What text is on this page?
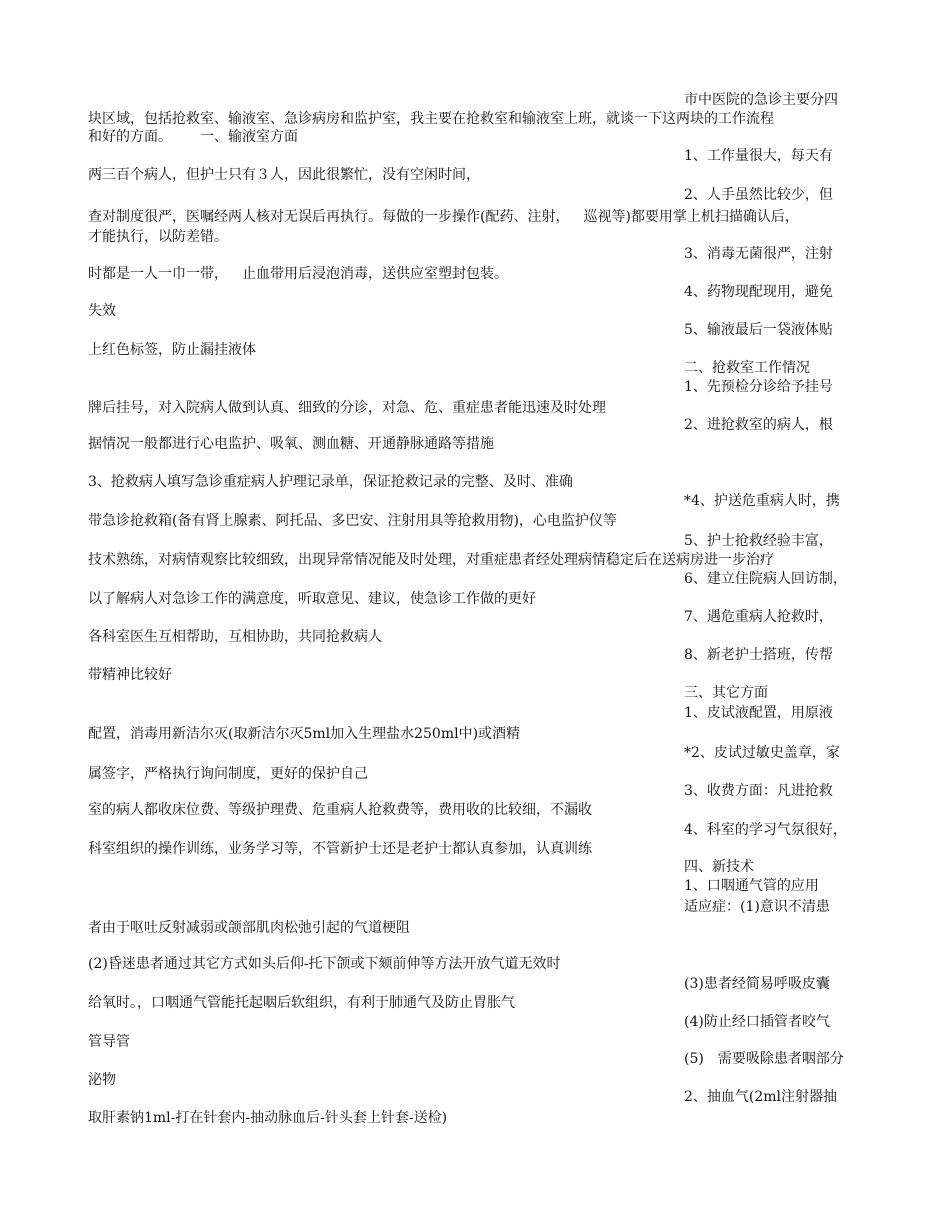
块区域，包括抢救室、输液室、急诊病房和监护室，我主要在抢救室和输液室上班，就谈一下这两块的工作流程
和好的方面。 一、输液室方面
两三百个病人，但护士只有３人，因此很繁忙，没有空闲时间，
查对制度很严，医嘱经两人核对无误后再执行。每做的一步操作(配药、注射， 巡视等)都要用掌上机扫描确认后，
才能执行，以防差错。
时都是一人一巾一带， 止血带用后浸泡消毒，送供应室塑封包装。
失效
上红色标签，防止漏挂液体
牌后挂号，对入院病人做到认真、细致的分诊，对急、危、重症患者能迅速及时处理
据情况一般都进行心电监护、吸氧、测血糖、开通静脉通路等措施
3、抢救病人填写急诊重症病人护理记录单，保证抢救记录的完整、及时、准确
带急诊抢救箱(备有肾上腺素、阿托品、多巴安、注射用具等抢救用物)，心电监护仪等
技术熟练，对病情观察比较细致，出现异常情况能及时处理，对重症患者经处理病情稳定后在送病房进一步治疗
以了解病人对急诊工作的满意度，听取意见、建议，使急诊工作做的更好
各科室医生互相帮助，互相协助，共同抢救病人
带精神比较好
配置，消毒用新洁尔灭(取新洁尔灭5ml加入生理盐水250ml中)或酒精
属签字，严格执行询问制度，更好的保护自己
室的病人都收床位费、等级护理费、危重病人抢救费等，费用收的比较细，不漏收
科室组织的操作训练，业务学习等，不管新护士还是老护士都认真参加，认真训练
者由于呕吐反射减弱或颌部肌肉松弛引起的气道梗阻
(2)昏迷患者通过其它方式如头后仰-托下颌或下颏前伸等方法开放气道无效时
给氧时。，口咽通气管能托起咽后软组织，有利于肺通气及防止胃胀气
管导管
泌物
取肝素钠1ml-打在针套内-抽动脉血后-针头套上针套-送检)
市中医院的急诊主要分四
1、工作量很大，每天有
2、人手虽然比较少，但
3、消毒无菌很严，注射
4、药物现配现用，避免
5、输液最后一袋液体贴
二、抢救室工作情况
1、先预检分诊给予挂号
2、进抢救室的病人，根
*4、护送危重病人时，携
5、护士抢救经验丰富，
6、建立住院病人回访制，
7、遇危重病人抢救时，
8、新老护士搭班，传帮
三、其它方面
1、皮试液配置，用原液
*2、皮试过敏史盖章，家
3、收费方面：凡进抢救
4、科室的学习气氛很好，
四、新技术
1、口咽通气管的应用
适应症：(1)意识不清患
(3)患者经简易呼吸皮囊
(4)防止经口插管者咬气
(5) 需要吸除患者咽部分
2、抽血气(2ml注射器抽
